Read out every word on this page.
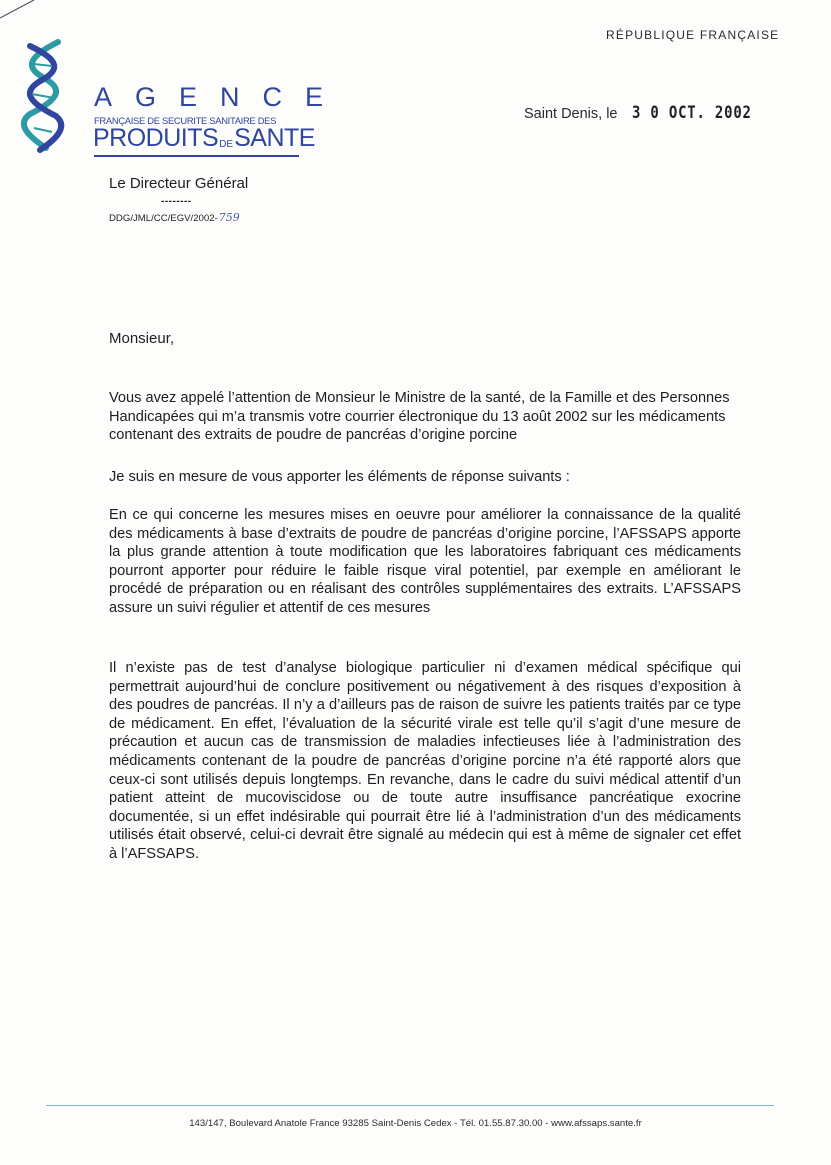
AGENCE
FRANÇAISE DE SECURITE SANITAIRE DES
PRODUITSDESANTE
RÉPUBLIQUE FRANÇAISE
Saint Denis, le 3 0 OCT. 2002
Le Directeur Général
--------
DDG/JML/CC/EGV/2002-759
Monsieur,

Vous avez appelé l’attention de Monsieur le Ministre de la santé, de la Famille et des Personnes Handicapées qui m’a transmis votre courrier électronique du 13 août 2002 sur les médicaments contenant des extraits de poudre de pancréas d’origine porcine

Je suis en mesure de vous apporter les éléments de réponse suivants :

En ce qui concerne les mesures mises en oeuvre pour améliorer la connaissance de la qualité des médicaments à base d’extraits de poudre de pancréas d’origine porcine, l’AFSSAPS apporte la plus grande attention à toute modification que les laboratoires fabriquant ces médicaments pourront apporter pour réduire le faible risque viral potentiel, par exemple en améliorant le procédé de préparation ou en réalisant des contrôles supplémentaires des extraits. L’AFSSAPS assure un suivi régulier et attentif de ces mesures

Il n’existe pas de test d’analyse biologique particulier ni d’examen médical spécifique qui permettrait aujourd’hui de conclure positivement ou négativement à des risques d’exposition à des poudres de pancréas. Il n’y a d’ailleurs pas de raison de suivre les patients traités par ce type de médicament. En effet, l’évaluation de la sécurité virale est telle qu’il s’agit d’une mesure de précaution et aucun cas de transmission de maladies infectieuses liée à l’administration des médicaments contenant de la poudre de pancréas d’origine porcine n’a été rapporté alors que ceux-ci sont utilisés depuis longtemps. En revanche, dans le cadre du suivi médical attentif d’un patient atteint de mucoviscidose ou de toute autre insuffisance pancréatique exocrine documentée, si un effet indésirable qui pourrait être lié à l’administration d’un des médicaments utilisés était observé, celui-ci devrait être signalé au médecin qui est à même de signaler cet effet à l’AFSSAPS.

143/147, Boulevard Anatole France 93285 Saint-Denis Cedex - Tél. 01.55.87.30.00 - www.afssaps.sante.fr
